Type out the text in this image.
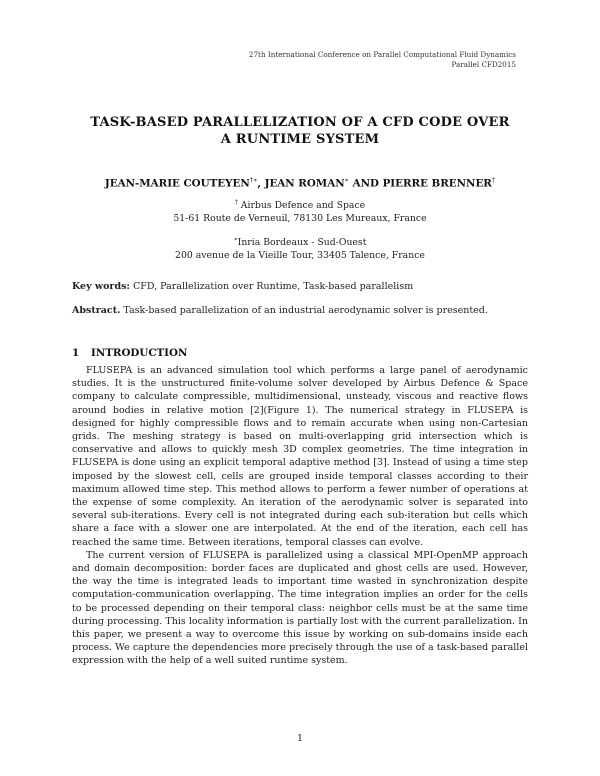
27th International Conference on Parallel Computational Fluid Dynamics
Parallel CFD2015
TASK-BASED PARALLELIZATION OF A CFD CODE OVER
A RUNTIME SYSTEM
JEAN-MARIE COUTEYEN†∗, JEAN ROMAN∗ AND PIERRE BRENNER†
† Airbus Defence and Space
51-61 Route de Verneuil, 78130 Les Mureaux, France
∗Inria Bordeaux - Sud-Ouest
200 avenue de la Vieille Tour, 33405 Talence, France
Key words: CFD, Parallelization over Runtime, Task-based parallelism
Abstract. Task-based parallelization of an industrial aerodynamic solver is presented.
1 INTRODUCTION

FLUSEPA is an advanced simulation tool which performs a large panel of aerodynamic studies. It is the unstructured finite-volume solver developed by Airbus Defence & Space company to calculate compressible, multidimensional, unsteady, viscous and reactive flows around bodies in relative motion [2](Figure 1). The numerical strategy in FLUSEPA is designed for highly compressible flows and to remain accurate when using non-Cartesian grids. The meshing strategy is based on multi-overlapping grid intersection which is conservative and allows to quickly mesh 3D complex geometries. The time integration in FLUSEPA is done using an explicit temporal adaptive method [3]. Instead of using a time step imposed by the slowest cell, cells are grouped inside temporal classes according to their maximum allowed time step. This method allows to perform a fewer number of operations at the expense of some complexity. An iteration of the aerodynamic solver is separated into several sub-iterations. Every cell is not integrated during each sub-iteration but cells which share a face with a slower one are interpolated. At the end of the iteration, each cell has reached the same time. Between iterations, temporal classes can evolve.

The current version of FLUSEPA is parallelized using a classical MPI-OpenMP approach and domain decomposition: border faces are duplicated and ghost cells are used. However, the way the time is integrated leads to important time wasted in synchronization despite computation-communication overlapping. The time integration implies an order for the cells to be processed depending on their temporal class: neighbor cells must be at the same time during processing. This locality information is partially lost with the current parallelization. In this paper, we present a way to overcome this issue by working on sub-domains inside each process. We capture the dependencies more precisely through the use of a task-based parallel expression with the help of a well suited runtime system.

1
